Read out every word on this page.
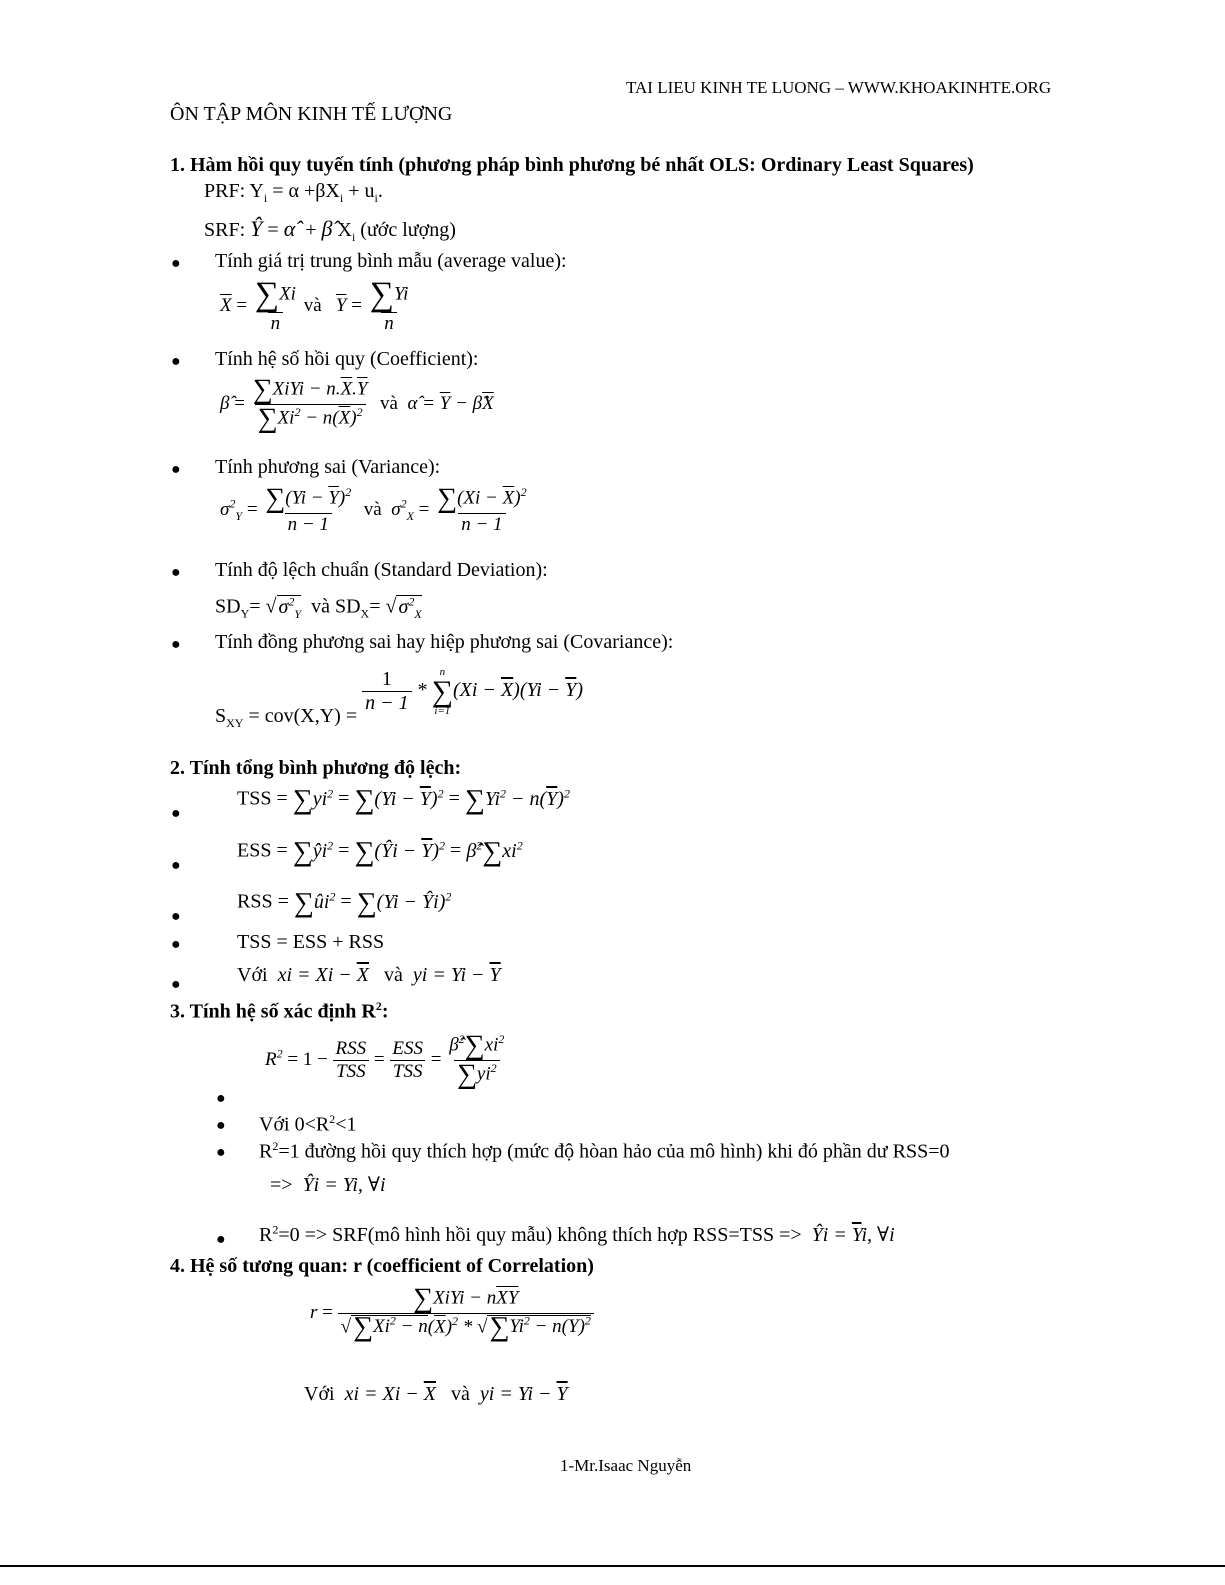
TAI LIEU KINH TE LUONG – WWW.KHOAKINHTE.ORG
ÔN TẬP MÔN KINH TẾ LƯỢNG
1. Hàm hồi quy tuyến tính (phương pháp bình phương bé nhất OLS: Ordinary Least Squares)
PRF: $Y_i = \alpha +\beta X_i + u_i$.
SRF: Ŷ = α̂  + β̂ $X_i$ (ước lượng)
● Tính giá trị trung bình mẫu (average value):
$\overline{X} = \frac{\sum Xi}{n}$ và $\overline{Y} = \frac{\sum Yi}{n}$
● Tính hệ số hồi quy (Coefficient):
β̂ = $\frac{\sum XiYi - n.\overline{X}.\overline{Y}}{\sum Xi^2 - n(\overline{X})^2}$ và α̂ = $\overline{Y}$ − $\betâ\overline{X}$
● Tính phương sai (Variance):
$\sigma^2_Y = \frac{\sum(Yi - \overline{Y})^2}{n - 1}$ và $\sigma^2_X = \frac{\sum(Xi - \overline{X})^2}{n - 1}$
● Tính độ lệch chuẩn (Standard Deviation):
$SD_Y=$ √ $\sigma^2_Y$ và $SD_X=$ √ $\sigma^2_X$
● Tính đồng phương sai hay hiệp phương sai (Covariance):
$S_{XY} = cov(X,Y)$ =
$\frac{1}{n - 1}$ *
n
∑
i=1
$(Xi - \overline{X})(Yi - \overline{Y})$
2. Tính tổng bình phương độ lệch:
●
TSS = $\sum yi^2 = \sum(Yi - \overline{Y})^2 = \sum Yi^2 - n(\overline{Y})^2$
●
ESS = $\sum ŷi^2$ = ∑(Ŷi − $\overline{Y})^2$ = $\betâ^2\sum xi^2$
●
RSS = $\sum ûi^2 = \sum(Yi$ − Ŷi)$^2$
●	TSS = ESS + RSS
●	Với xi = $Xi - \overline{X}$ và yi = $Yi - \overline{Y}$
3. Tính hệ số xác định $R^2$:
$R^2 = 1 - \frac{\text{RSS}}{\text{TSS}} = \frac{\text{ESS}}{\text{TSS}} = \frac{\betâ^2\sum xi^2}{\sum yi^2}$
●
● Với $0<R^2<1$
● $R^2=1$ đường hồi quy thích hợp (mức độ hòan hảo của mô hình) khi đó phần dư RSS=0
=> Ŷi = Yi, ∀i
● $R^2=0$ => SRF(mô hình hồi quy mẫu) không thích hợp RSS=TSS => Ŷi = $\overline{Y}i$, ∀i
4. Hệ số tương quan: r (coefficient of Correlation)
$r = \frac{\sum XiYi - n\overline{XY}}{√\sum Xi^2 - n(\overline{X})^2 * √\sum Yi^2 - n(\overline{Y})^2}$
Với xi = $Xi - \overline{X}$ và yi = $Yi - \overline{Y}$
1-Mr.Isaac Nguyễn
